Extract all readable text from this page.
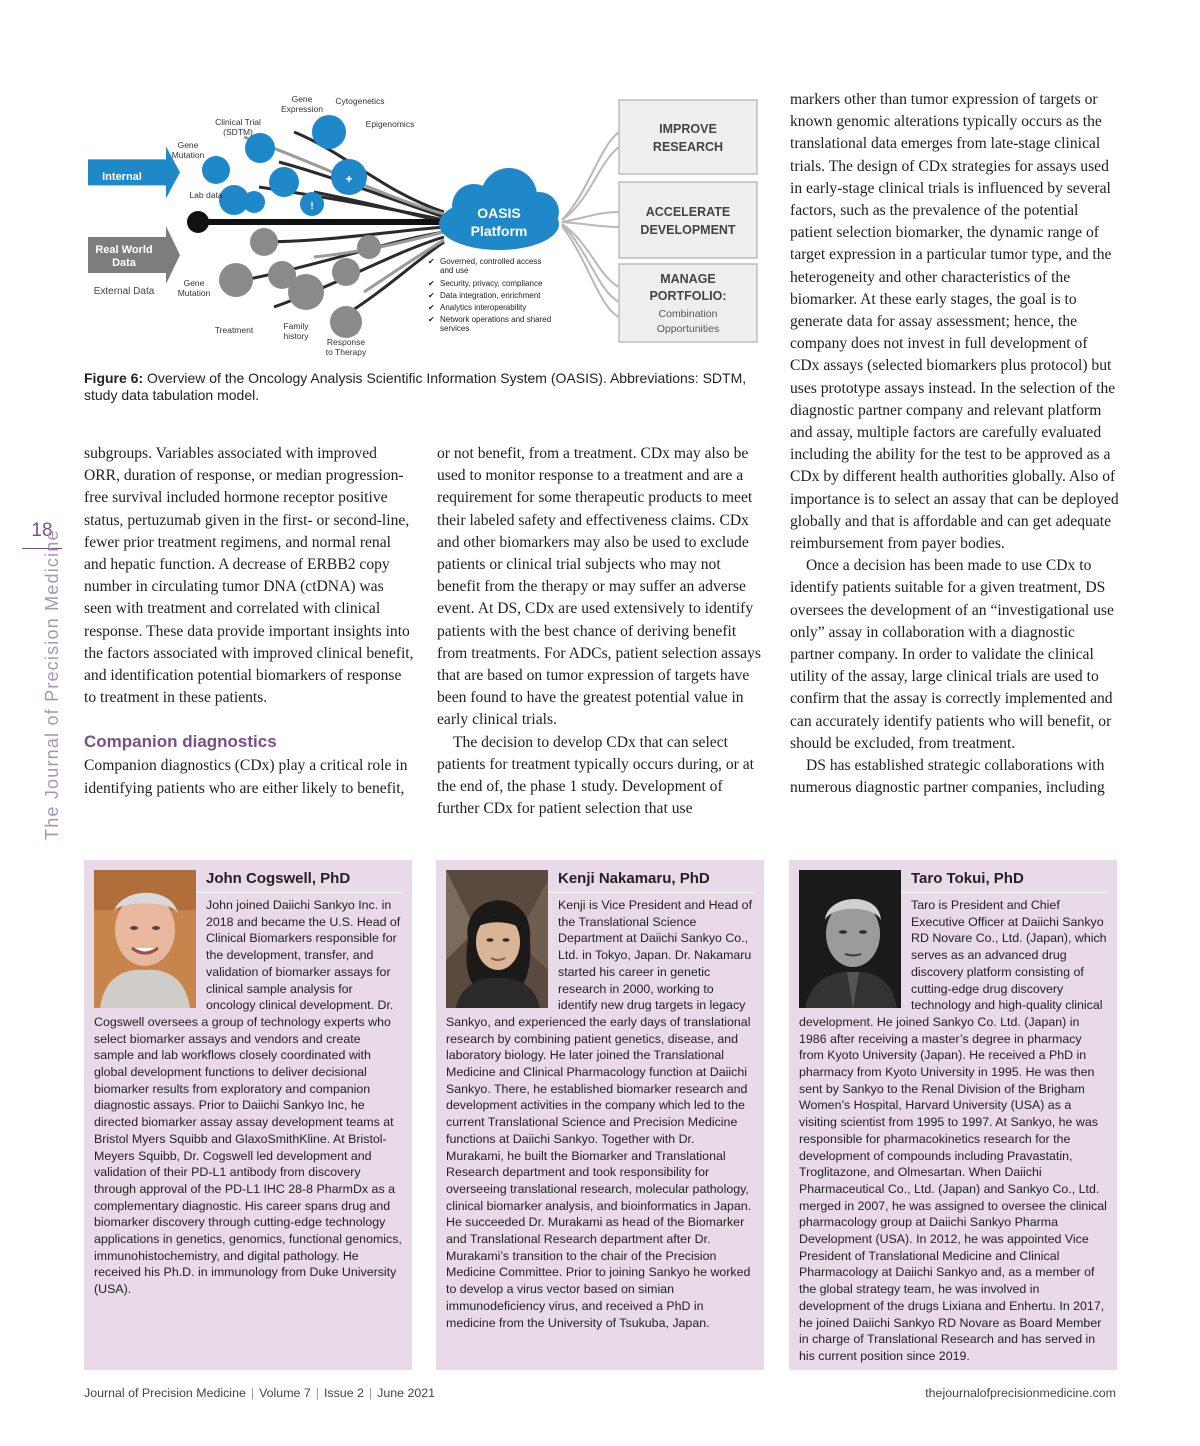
18
The Journal of Precision Medicine
Internal
Data
Real World
Data
External Data
+
!
Gene
Expression
Cytogenetics
Clinical Trial
(SDTM)
Gene
Mutation
Epigenomics
Lab data
Gene
Mutation
Treatment	Family
history
Response
to Therapy
OASIS
Platform
✔ Governed, controlled access
and use
✔ Security, privacy, compliance
✔ Data integration, enrichment
✔ Analytics interoperability
✔ Network operations and shared
services
IMPROVE
RESEARCH
ACCELERATE
DEVELOPMENT
MANAGE
PORTFOLIO:
Combination
Opportunities
Figure 6: Overview of the Oncology Analysis Scientific Information System (OASIS). Abbreviations: SDTM, study data tabulation model.

subgroups. Variables associated with improved ORR, duration of response, or median progression-free survival included hormone receptor positive status, pertuzumab given in the first- or second-line, fewer prior treatment regimens, and normal renal and hepatic function. A decrease of ERBB2 copy number in circulating tumor DNA (ctDNA) was seen with treatment and correlated with clinical response. These data provide important insights into the factors associated with improved clinical benefit, and identification potential biomarkers of response to treatment in these patients.

Companion diagnostics

Companion diagnostics (CDx) play a critical role in identifying patients who are either likely to benefit,

or not benefit, from a treatment. CDx may also be used to monitor response to a treatment and are a requirement for some therapeutic products to meet their labeled safety and effectiveness claims. CDx and other biomarkers may also be used to exclude patients or clinical trial subjects who may not benefit from the therapy or may suffer an adverse event. At DS, CDx are used extensively to identify patients with the best chance of deriving benefit from treatments. For ADCs, patient selection assays that are based on tumor expression of targets have been found to have the greatest potential value in early clinical trials.

The decision to develop CDx that can select patients for treatment typically occurs during, or at the end of, the phase 1 study. Development of further CDx for patient selection that use

markers other than tumor expression of targets or known genomic alterations typically occurs as the translational data emerges from late-stage clinical trials. The design of CDx strategies for assays used in early-stage clinical trials is influenced by several factors, such as the prevalence of the potential patient selection biomarker, the dynamic range of target expression in a particular tumor type, and the heterogeneity and other characteristics of the biomarker. At these early stages, the goal is to generate data for assay assessment; hence, the company does not invest in full development of CDx assays (selected biomarkers plus protocol) but uses prototype assays instead. In the selection of the diagnostic partner company and relevant platform and assay, multiple factors are carefully evaluated including the ability for the test to be approved as a CDx by different health authorities globally. Also of importance is to select an assay that can be deployed globally and that is affordable and can get adequate reimbursement from payer bodies.

Once a decision has been made to use CDx to identify patients suitable for a given treatment, DS oversees the development of an “investigational use only” assay in collaboration with a diagnostic partner company. In order to validate the clinical utility of the assay, large clinical trials are used to confirm that the assay is correctly implemented and can accurately identify patients who will benefit, or should be excluded, from treatment.

DS has established strategic collaborations with numerous diagnostic partner companies, including

John Cogswell, PhD

John joined Daiichi Sankyo Inc. in 2018 and became the U.S. Head of Clinical Biomarkers responsible for the development, transfer, and validation of biomarker assays for clinical sample analysis for oncology clinical development. Dr. Cogswell oversees a group of technology experts who select biomarker assays and vendors and create sample and lab workflows closely coordinated with global development functions to deliver decisional biomarker results from exploratory and companion diagnostic assays. Prior to Daiichi Sankyo Inc, he directed biomarker assay assay development teams at Bristol Myers Squibb and GlaxoSmithKline. At Bristol-Meyers Squibb, Dr. Cogswell led development and validation of their PD-L1 antibody from discovery through approval of the PD-L1 IHC 28-8 PharmDx as a complementary diagnostic. His career spans drug and biomarker discovery through cutting-edge technology applications in genetics, genomics, functional genomics, immunohistochemistry, and digital pathology. He received his Ph.D. in immunology from Duke University (USA).

Kenji Nakamaru, PhD

Kenji is Vice President and Head of the Translational Science Department at Daiichi Sankyo Co., Ltd. in Tokyo, Japan. Dr. Nakamaru started his career in genetic research in 2000, working to identify new drug targets in legacy Sankyo, and experienced the early days of translational research by combining patient genetics, disease, and laboratory biology. He later joined the Translational Medicine and Clinical Pharmacology function at Daiichi Sankyo. There, he established biomarker research and development activities in the company which led to the current Translational Science and Precision Medicine functions at Daiichi Sankyo. Together with Dr. Murakami, he built the Biomarker and Translational Research department and took responsibility for overseeing translational research, molecular pathology, clinical biomarker analysis, and bioinformatics in Japan. He succeeded Dr. Murakami as head of the Biomarker and Translational Research department after Dr. Murakami’s transition to the chair of the Precision Medicine Committee. Prior to joining Sankyo he worked to develop a virus vector based on simian immunodeficiency virus, and received a PhD in medicine from the University of Tsukuba, Japan.

Taro Tokui, PhD

Taro is President and Chief Executive Officer at Daiichi Sankyo RD Novare Co., Ltd. (Japan), which serves as an advanced drug discovery platform consisting of cutting-edge drug discovery technology and high-quality clinical development. He joined Sankyo Co. Ltd. (Japan) in 1986 after receiving a master’s degree in pharmacy from Kyoto University (Japan). He received a PhD in pharmacy from Kyoto University in 1995. He was then sent by Sankyo to the Renal Division of the Brigham Women’s Hospital, Harvard University (USA) as a visiting scientist from 1995 to 1997. At Sankyo, he was responsible for pharmacokinetics research for the development of compounds including Pravastatin, Troglitazone, and Olmesartan. When Daiichi Pharmaceutical Co., Ltd. (Japan) and Sankyo Co., Ltd. merged in 2007, he was assigned to oversee the clinical pharmacology group at Daiichi Sankyo Pharma Development (USA). In 2012, he was appointed Vice President of Translational Medicine and Clinical Pharmacology at Daiichi Sankyo and, as a member of the global strategy team, he was involved in development of the drugs Lixiana and Enhertu. In 2017, he joined Daiichi Sankyo RD Novare as Board Member in charge of Translational Research and has served in his current position since 2019.

Journal of Precision Medicine | Volume 7 | Issue 2 | June 2021	thejournalofprecisionmedicine.com
